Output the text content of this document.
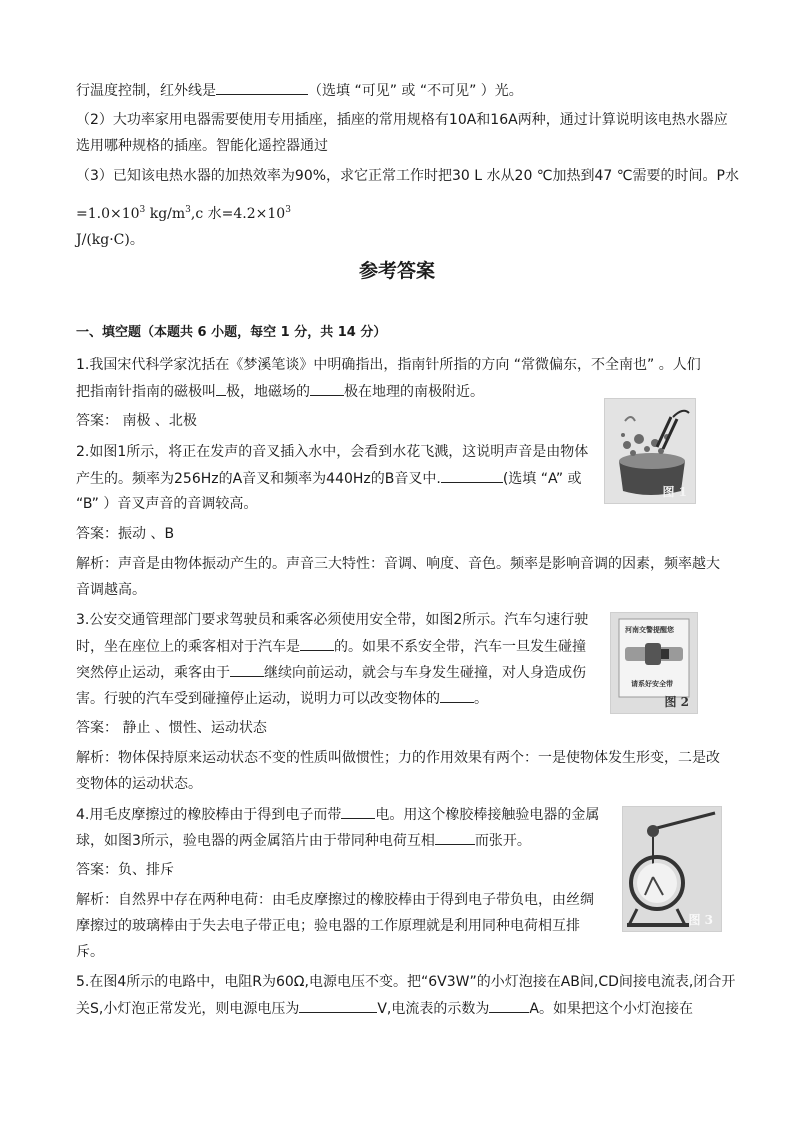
行温度控制，红外线是	（选填 “可见” 或 “不可见” ）光。
（2）大功率家用电器需要使用专用插座，插座的常用规格有10A和16A两种，通过计算说明该电热水器应
选用哪种规格的插座。智能化遥控器通过
（3）已知该电热水器的加热效率为90%，求它正常工作时把30 L 水从20 ℃加热到47 ℃需要的时间。P水
$=1.0\times 10^3$ $kg/m^3,c$ 水$=4.2\times 10^3$
J/(kg·C)。
参考答案
一、填空题（本题共 6 小题，每空 1 分，共 14 分）
1.我国宋代科学家沈括在《梦溪笔谈》中明确指出，指南针所指的方向 “常微偏东，不全南也” 。人们
把指南针指南的磁极叫 极，地磁场的 极在地理的南极附近。
答案： 南极 、北极
2.如图1所示，将正在发声的音叉插入水中，会看到水花飞溅，这说明声音是由物体
产生的。频率为256Hz的A音叉和频率为440Hz的B音叉中.	(选填 “A” 或
“B” ）音叉声音的音调较高。
答案：振动 、B
解析：声音是由物体振动产生的。声音三大特性：音调、响度、音色。频率是影响音调的因素，频率越大
音调越高。
图 1
3.公安交通管理部门要求驾驶员和乘客必须使用安全带，如图2所示。汽车匀速行驶
时，坐在座位上的乘客相对于汽车是 的。如果不系安全带，汽车一旦发生碰撞
突然停止运动，乘客由于 继续向前运动，就会与车身发生碰撞，对人身造成伤
害。行驶的汽车受到碰撞停止运动，说明力可以改变物体的 。
答案： 静止 、惯性、运动状态
解析：物体保持原来运动状态不变的性质叫做惯性；力的作用效果有两个：一是使物体发生形变，二是改
变物体的运动状态。
河南交警提醒您
请系好安全带
图 2
4.用毛皮摩擦过的橡胶棒由于得到电子而带 电。用这个橡胶棒接触验电器的金属
球，如图3所示，验电器的两金属箔片由于带同种电荷互相	而张开。
答案：负、排斥
解析：自然界中存在两种电荷：由毛皮摩擦过的橡胶棒由于得到电子带负电，由丝绸
摩擦过的玻璃棒由于失去电子带正电；验电器的工作原理就是利用同种电荷相互排
斥。
图 3
5.在图4所示的电路中，电阻R为60Ω,电源电压不变。把“6V3W”的小灯泡接在AB间,CD间接电流表,闭合开
关S,小灯泡正常发光，则电源电压为	V,电流表的示数为	A。如果把这个小灯泡接在
